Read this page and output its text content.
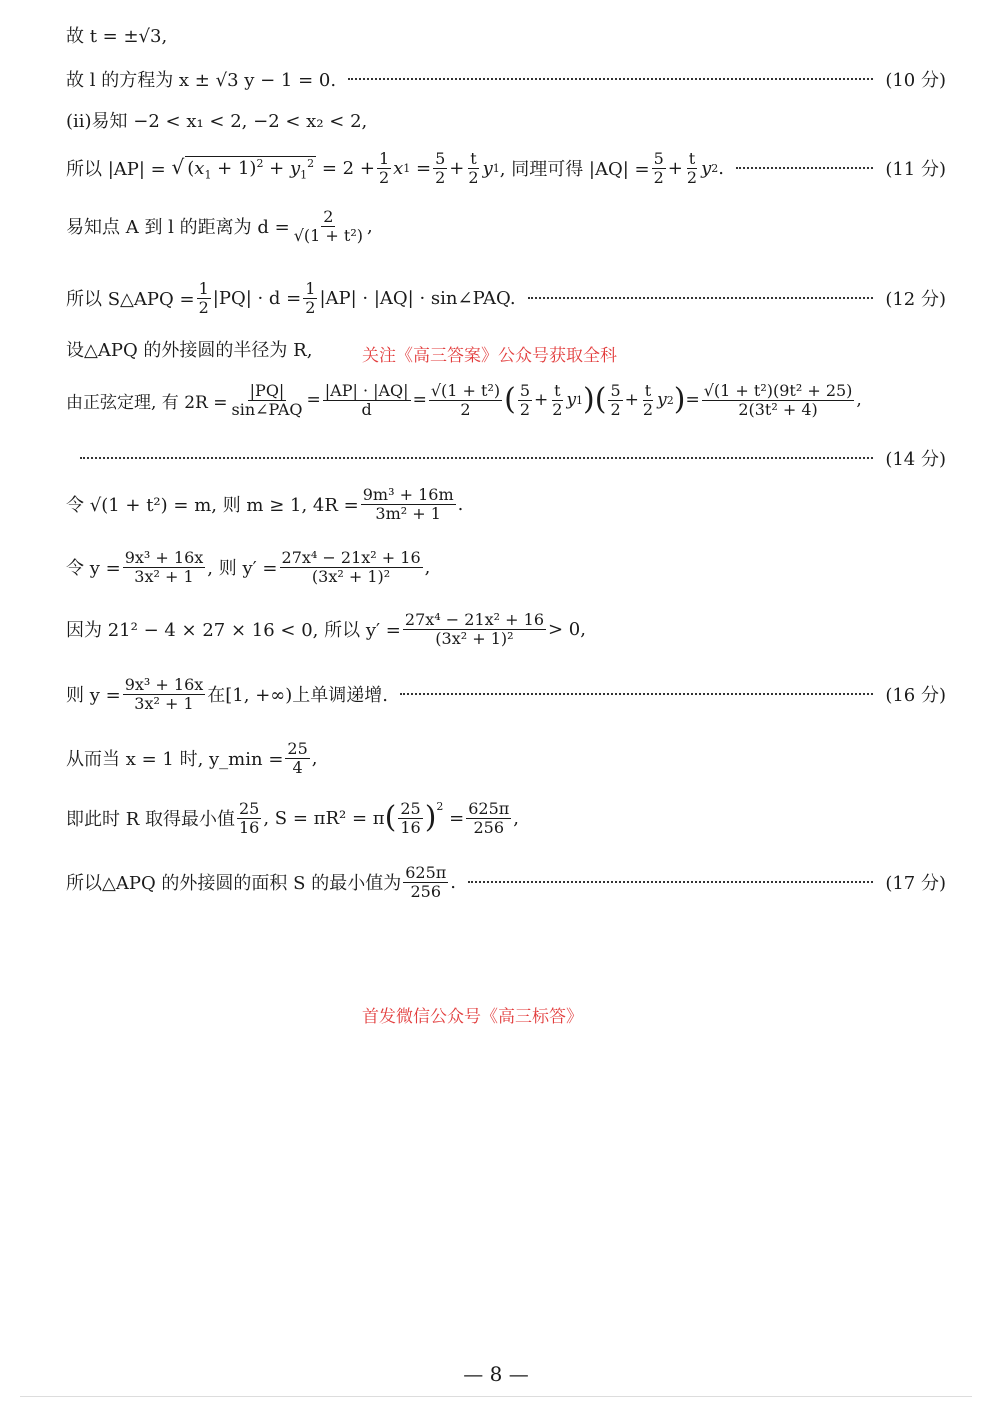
故 t = ±√3,
故 l 的方程为 x ± √3 y − 1 = 0.	(10 分)
(ⅱ)易知 −2 < x₁ < 2, −2 < x₂ < 2,
所以 |AP| = √ $(x_1 + 1)^2 + y_1^2 = 2 + \frac{1}{2}$ x 1
= $\frac{5}{2} + \frac{t}{2}$ y 1 , 同理可得 $|AQ| = \frac{5}{2} + \frac{t}{2}$ y 2 .	(11 分)
易知点 A 到 l 的距离为 $d = \frac{2}{\text{√(1 + t²)}}$ ,
所以 S△APQ = $\frac{1}{2} |PQ| \cdot d = \frac{1}{2} |AP| \cdot |AQ|$ · sin∠PAQ.	(12 分)
设△APQ 的外接圆的半径为 R,	关注《高三答案》公众号获取全科
由正弦定理, 有 $2R = \frac{|PQ|}{\text{sin∠PAQ}} = \frac{|AP| \cdot |AQ|}{d} = \frac{\text{√(1 + t²)}}{2}$ ( $\frac{5}{2} + \frac{t}{2}$ y 1 ) ( $\frac{5}{2} + \frac{t}{2}$ y 2 ) = $\frac{\text{√(1 + t²)(9t² + 25)}}{\text{2(3t² + 4)}}$ ,
(14 分)
令 √(1 + t²) = m, 则 m ≥ 1, $4R = \frac{\text{9m³ + 16m}}{\text{3m² + 1}}$ .
令 $y = \frac{\text{9x³ + 16x}}{\text{3x² + 1}}$ , 则 $y' = \frac{\text{27x⁴ − 21x² + 16}}{\text{(3x² + 1)²}}$ ,
因为 21² − 4 × 27 × 16 < 0, 所以 $y' = \frac{\text{27x⁴ − 21x² + 16}}{\text{(3x² + 1)²}} > 0$,
则 $y = \frac{\text{9x³ + 16x}}{\text{3x² + 1}}$ 在[1, +∞)上单调递增.	(16 分)
从而当 x = 1 时, y_min = $\frac{25}{4}$ ,
即此时 R 取得最小值 $\frac{25}{16}$ , S = πR² = π ( $\frac{25}{16} )^2$
= $\frac{625\pi}{256}$ ,
所以△APQ 的外接圆的面积 S 的最小值为 $\frac{625\pi}{256}$ .	(17 分)
首发微信公众号《高三标答》
— 8 —
